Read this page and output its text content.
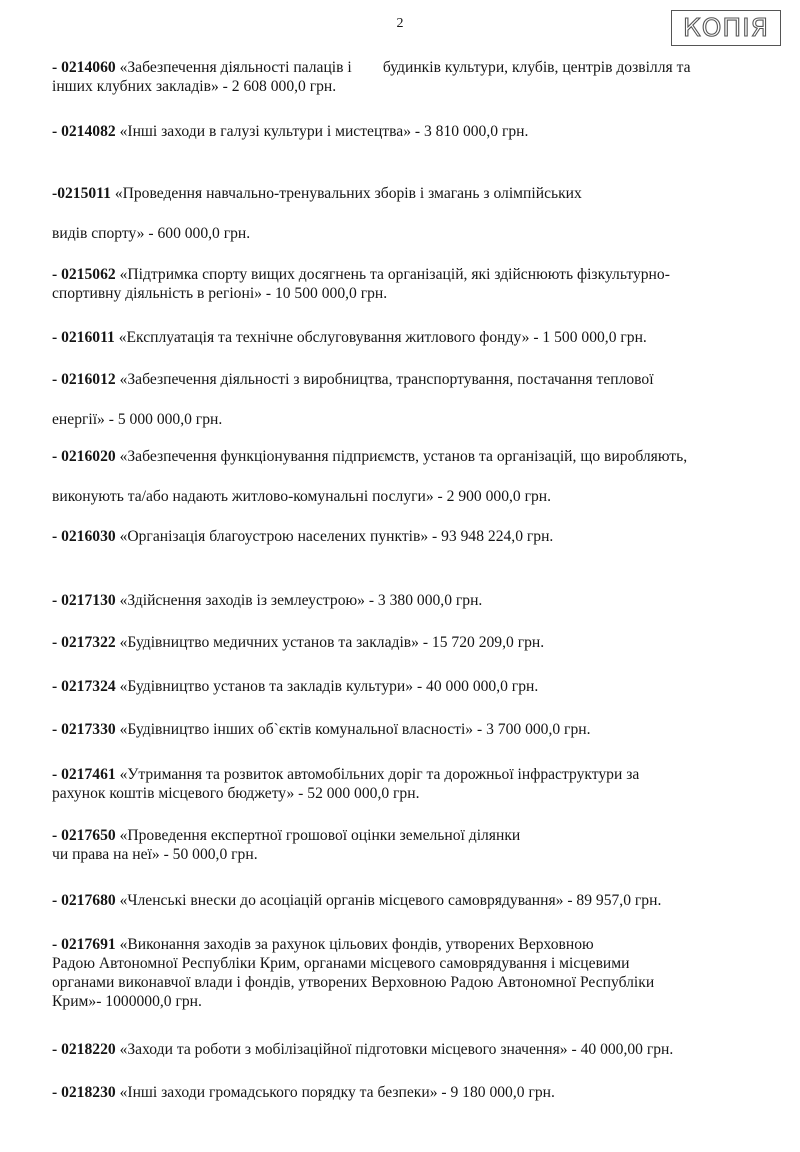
2	КОПІЯ
- 0214060 «Забезпечення діяльності палаців і        будинків культури, клубів, центрів дозвілля та
інших клубних закладів» - 2 608 000,0 грн.
- 0214082 «Інші заходи в галузі культури і мистецтва» - 3 810 000,0 грн.
-0215011 «Проведення навчально-тренувальних зборів і змагань з олімпійських
видів спорту» - 600 000,0 грн.
- 0215062 «Підтримка спорту вищих досягнень та організацій, які здійснюють фізкультурно-
спортивну діяльність в регіоні» - 10 500 000,0 грн.
- 0216011 «Експлуатація та технічне обслуговування житлового фонду» - 1 500 000,0 грн.
- 0216012 «Забезпечення діяльності з виробництва, транспортування, постачання теплової
енергії» - 5 000 000,0 грн.
- 0216020 «Забезпечення функціонування підприємств, установ та організацій, що виробляють,
виконують та/або надають житлово-комунальні послуги» - 2 900 000,0 грн.
- 0216030 «Організація благоустрою населених пунктів» - 93 948 224,0 грн.
- 0217130 «Здійснення заходів із землеустрою» - 3 380 000,0 грн.
- 0217322 «Будівництво медичних установ та закладів» - 15 720 209,0 грн.
- 0217324 «Будівництво установ та закладів культури» - 40 000 000,0 грн.
- 0217330 «Будівництво інших об`єктів комунальної власності» - 3 700 000,0 грн.
- 0217461 «Утримання та розвиток автомобільних доріг та дорожньої інфраструктури за
рахунок коштів місцевого бюджету» - 52 000 000,0 грн.
- 0217650 «Проведення експертної грошової оцінки земельної ділянки
чи права на неї» - 50 000,0 грн.
- 0217680 «Членські внески до асоціацій органів місцевого самоврядування» - 89 957,0 грн.
- 0217691 «Виконання заходів за рахунок цільових фондів, утворених Верховною
Радою Автономної Республіки Крим, органами місцевого самоврядування і місцевими
органами виконавчої влади і фондів, утворених Верховною Радою Автономної Республіки
Крим»- 1000000,0 грн.
- 0218220 «Заходи та роботи з мобілізаційної підготовки місцевого значення» - 40 000,00 грн.
- 0218230 «Інші заходи громадського порядку та безпеки» - 9 180 000,0 грн.
